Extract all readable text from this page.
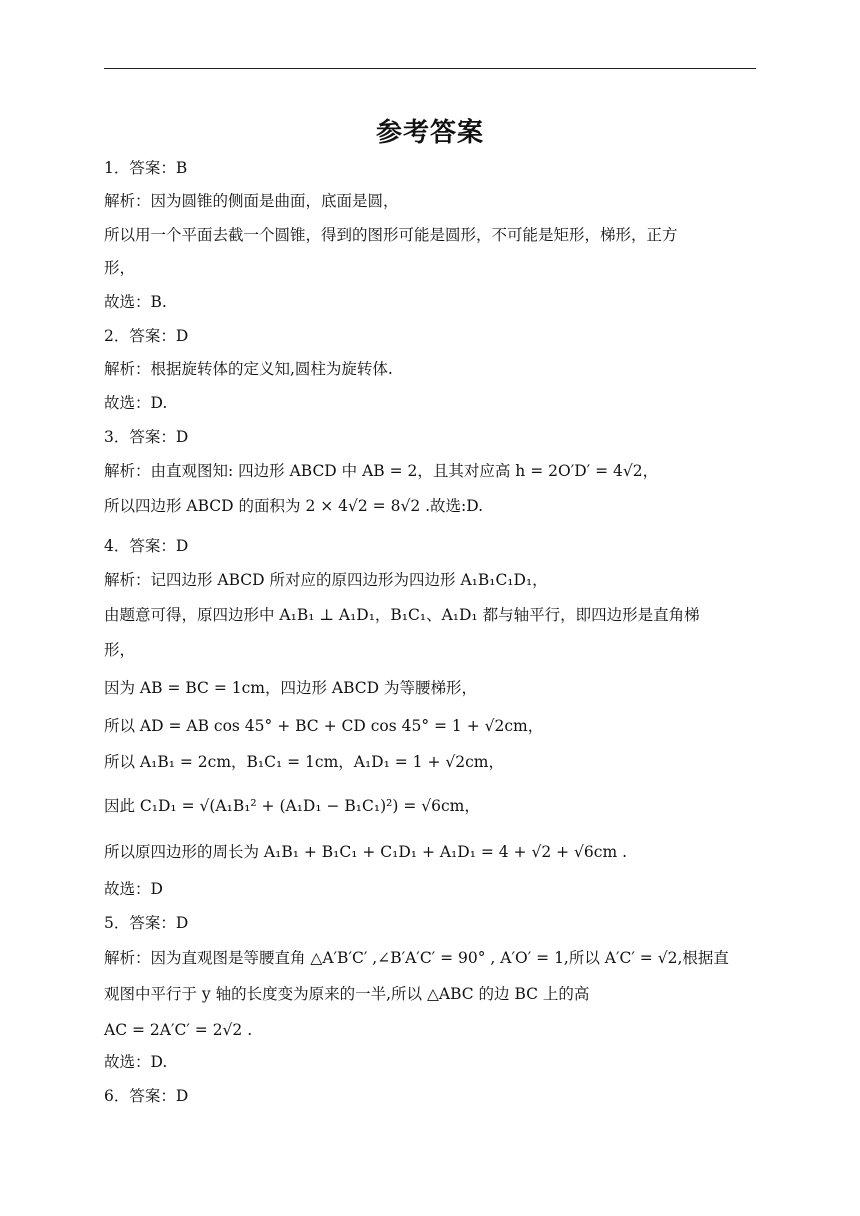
参考答案
1．答案：B
解析：因为圆锥的侧面是曲面，底面是圆，
所以用一个平面去截一个圆锥，得到的图形可能是圆形，不可能是矩形，梯形，正方
形，
故选：B.
2．答案：D
解析：根据旋转体的定义知,圆柱为旋转体.
故选：D.
3．答案：D
解析：由直观图知: 四边形 ABCD 中 AB = 2，且其对应高 h = 2O′D′ = 4√2，
所以四边形 ABCD 的面积为 2 × 4√2 = 8√2 .故选:D.
4．答案：D
解析：记四边形 ABCD 所对应的原四边形为四边形 A₁B₁C₁D₁，
由题意可得，原四边形中 A₁B₁ ⊥ A₁D₁，B₁C₁、A₁D₁ 都与轴平行，即四边形是直角梯
形，
因为 AB = BC = 1cm，四边形 ABCD 为等腰梯形，
所以 AD = AB cos 45° + BC + CD cos 45° = 1 + √2cm，
所以 A₁B₁ = 2cm，B₁C₁ = 1cm，A₁D₁ = 1 + √2cm，
因此 C₁D₁ = √(A₁B₁² + (A₁D₁ − B₁C₁)²) = √6cm，
所以原四边形的周长为 A₁B₁ + B₁C₁ + C₁D₁ + A₁D₁ = 4 + √2 + √6cm .
故选：D
5．答案：D
解析：因为直观图是等腰直角 △A′B′C′ ,∠B′A′C′ = 90° , A′O′ = 1,所以 A′C′ = √2,根据直
观图中平行于 y 轴的长度变为原来的一半,所以 △ABC 的边 BC 上的高
AC = 2A′C′ = 2√2 .
故选：D.
6．答案：D
